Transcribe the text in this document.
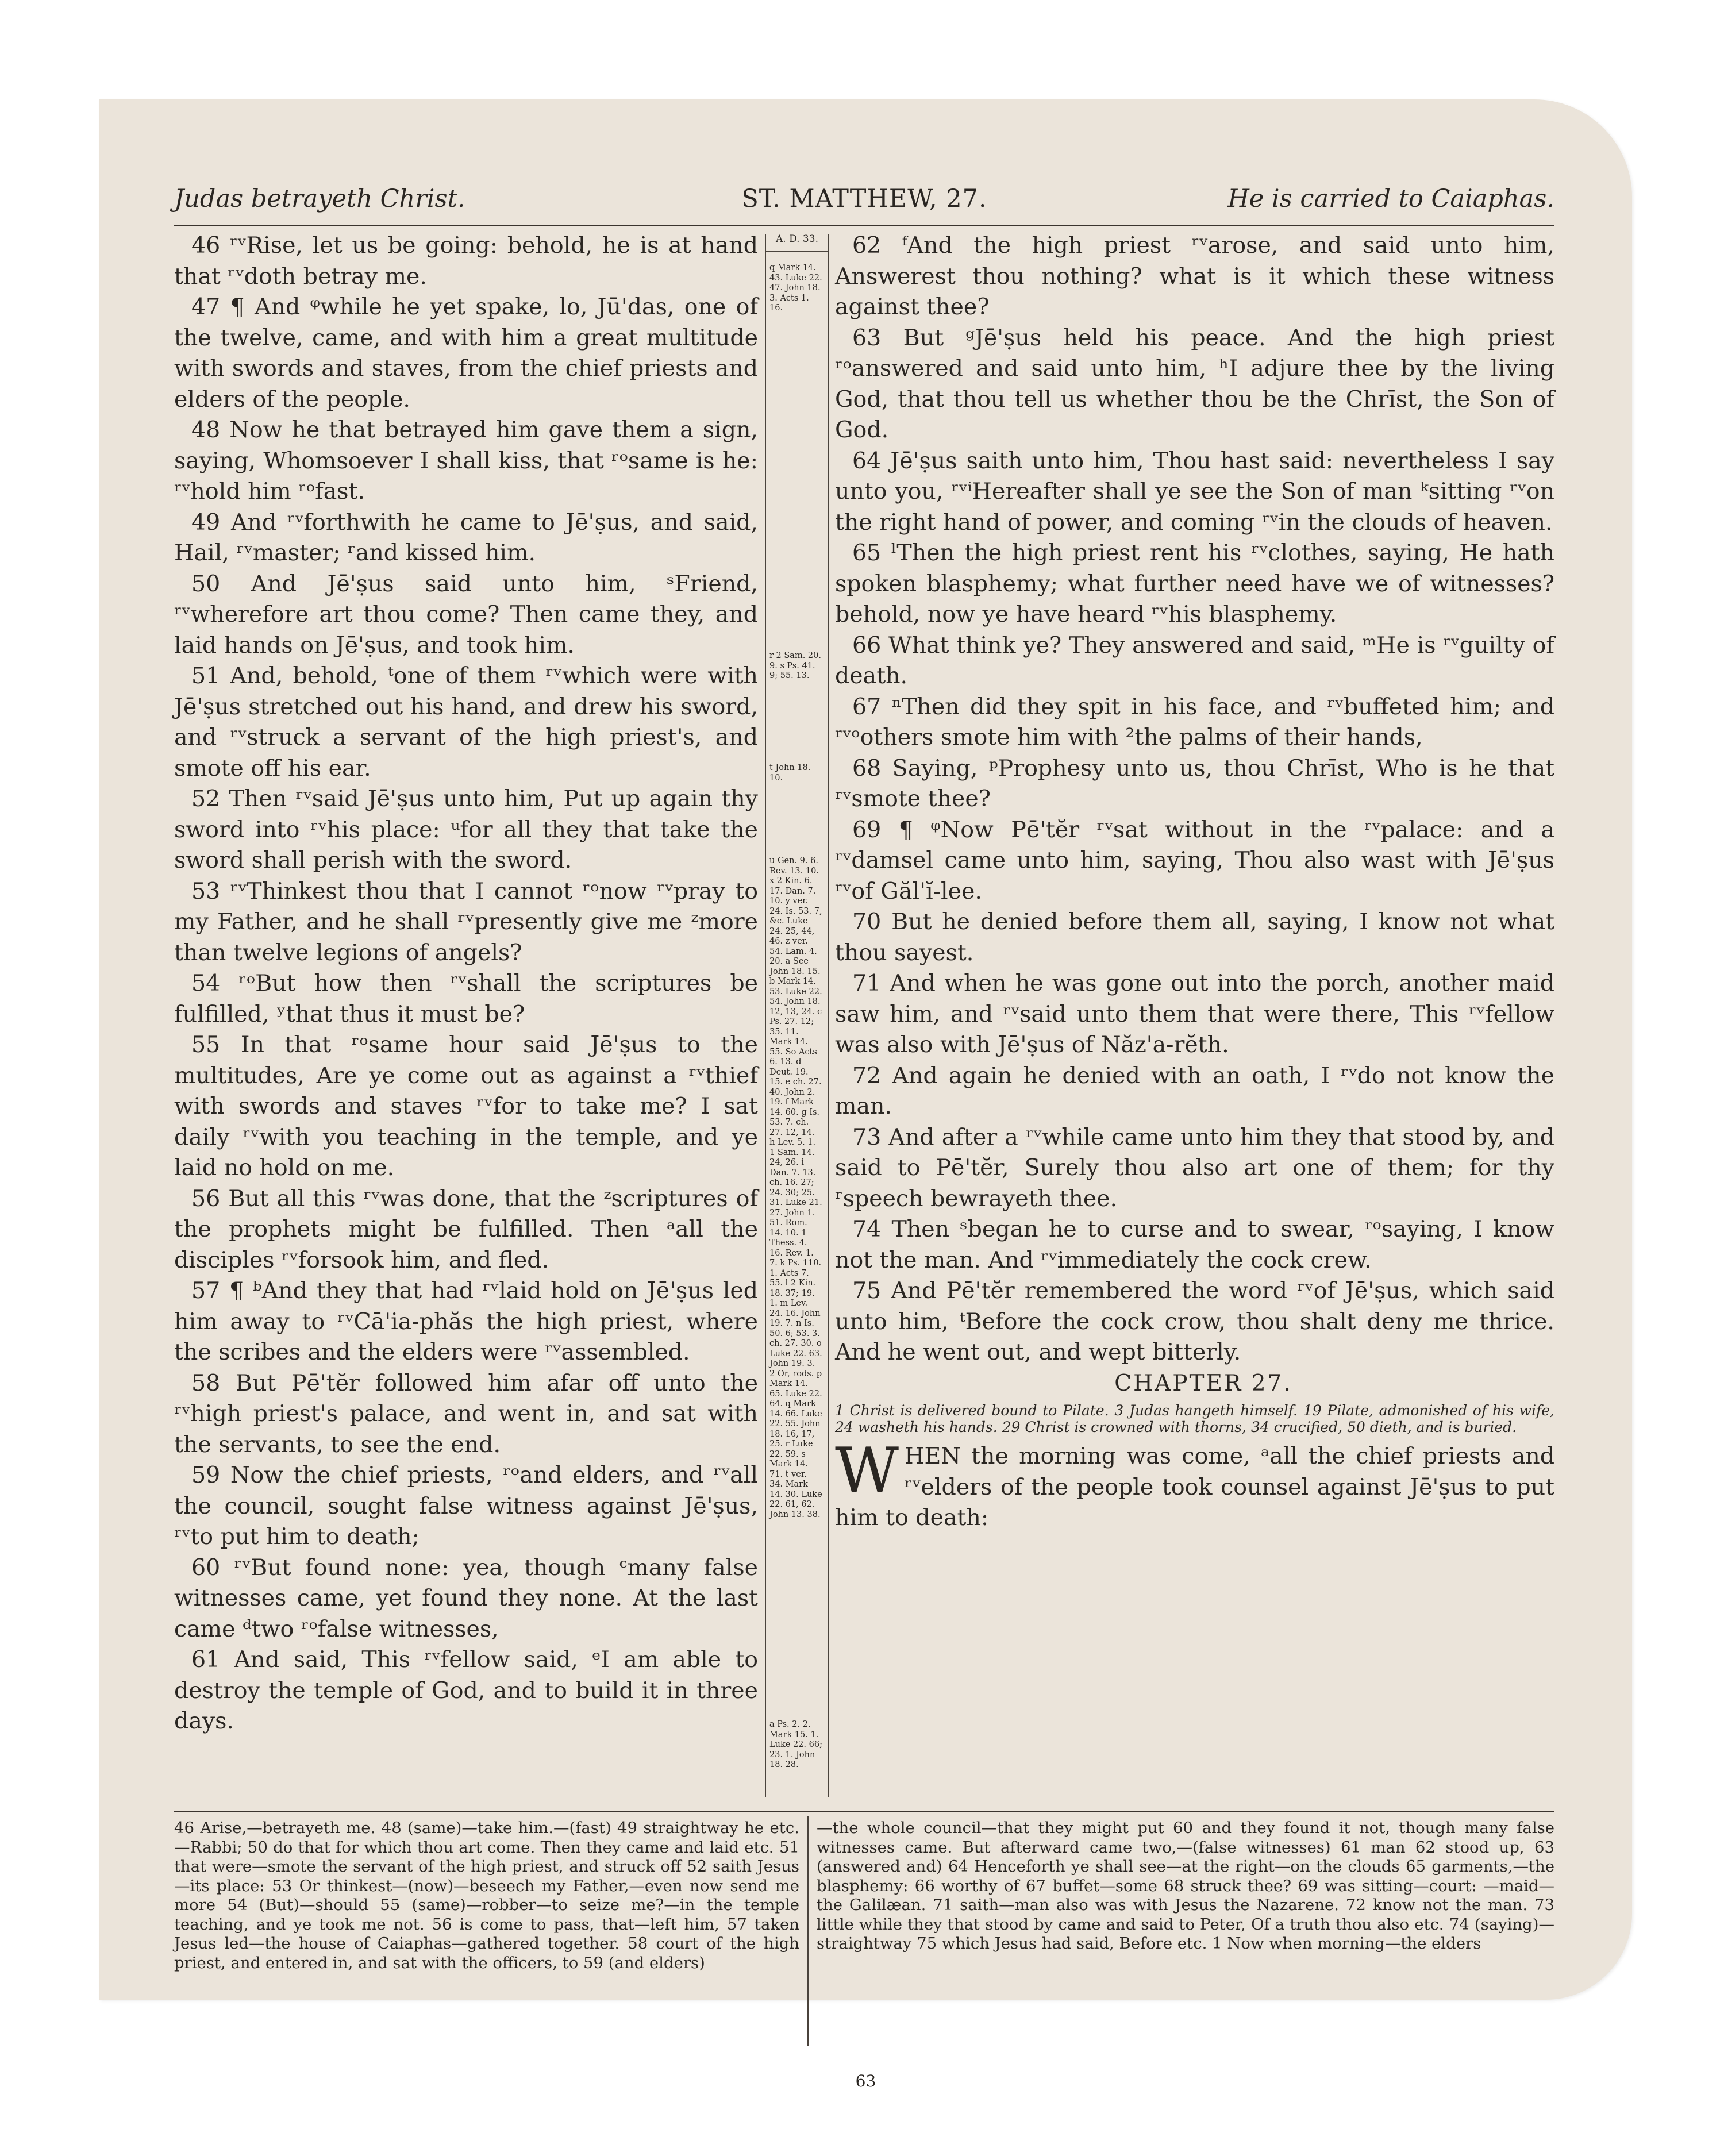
Judas betrayeth Christ.	ST. MATTHEW, 27.	He is carried to Caiaphas.

46 ʳᵛRise, let us be going: behold, he is at hand that ʳᵛdoth betray me.

47 ¶ And ᵠwhile he yet spake, lo, Jū'das, one of the twelve, came, and with him a great multitude with swords and staves, from the chief priests and elders of the people.

48 Now he that betrayed him gave them a sign, saying, Whomsoever I shall kiss, that ʳᵒsame is he: ʳᵛhold him ʳᵒfast.

49 And ʳᵛforthwith he came to Jē'ṣus, and said, Hail, ʳᵛmaster; ʳand kissed him.

50 And Jē'ṣus said unto him, ˢFriend, ʳᵛwherefore art thou come? Then came they, and laid hands on Jē'ṣus, and took him.

51 And, behold, ᵗone of them ʳᵛwhich were with Jē'ṣus stretched out his hand, and drew his sword, and ʳᵛstruck a servant of the high priest's, and smote off his ear.

52 Then ʳᵛsaid Jē'ṣus unto him, Put up again thy sword into ʳᵛhis place: ᵘfor all they that take the sword shall perish with the sword.

53 ʳᵛThinkest thou that I cannot ʳᵒnow ʳᵛpray to my Father, and he shall ʳᵛpresently give me ᶻmore than twelve legions of angels?

54 ʳᵒBut how then ʳᵛshall the scriptures be fulfilled, ʸthat thus it must be?

55 In that ʳᵒsame hour said Jē'ṣus to the multitudes, Are ye come out as against a ʳᵛthief with swords and staves ʳᵛfor to take me? I sat daily ʳᵛwith you teaching in the temple, and ye laid no hold on me.

56 But all this ʳᵛwas done, that the ᶻscriptures of the prophets might be fulfilled. Then ᵃall the disciples ʳᵛforsook him, and fled.

57 ¶ ᵇAnd they that had ʳᵛlaid hold on Jē'ṣus led him away to ʳᵛCā'ia-phăs the high priest, where the scribes and the elders were ʳᵛassembled.

58 But Pē'tĕr followed him afar off unto the ʳᵛhigh priest's palace, and went in, and sat with the servants, to see the end.

59 Now the chief priests, ʳᵒand elders, and ʳᵛall the council, sought false witness against Jē'ṣus, ʳᵛto put him to death;

60 ʳᵛBut found none: yea, though ᶜmany false witnesses came, yet found they none. At the last came ᵈtwo ʳᵒfalse witnesses,

61 And said, This ʳᵛfellow said, ᵉI am able to destroy the temple of God, and to build it in three days.

A. D. 33.
q Mark 14. 43. Luke 22. 47. John 18. 3. Acts 1. 16.
r 2 Sam. 20. 9. s Ps. 41. 9; 55. 13.
t John 18. 10.
u Gen. 9. 6. Rev. 13. 10. x 2 Kin. 6. 17. Dan. 7. 10. y ver. 24. Is. 53. 7, &c. Luke 24. 25, 44, 46. z ver. 54. Lam. 4. 20. a See John 18. 15. b Mark 14. 53. Luke 22. 54. John 18. 12, 13, 24. c Ps. 27. 12; 35. 11. Mark 14. 55. So Acts 6. 13. d Deut. 19. 15. e ch. 27. 40. John 2. 19. f Mark 14. 60. g Is. 53. 7. ch. 27. 12, 14. h Lev. 5. 1. 1 Sam. 14. 24, 26. i Dan. 7. 13. ch. 16. 27; 24. 30; 25. 31. Luke 21. 27. John 1. 51. Rom. 14. 10. 1 Thess. 4. 16. Rev. 1. 7. k Ps. 110. 1. Acts 7. 55. l 2 Kin. 18. 37; 19. 1. m Lev. 24. 16. John 19. 7. n Is. 50. 6; 53. 3. ch. 27. 30. o Luke 22. 63. John 19. 3. 2 Or, rods. p Mark 14. 65. Luke 22. 64. q Mark 14. 66. Luke 22. 55. John 18. 16, 17, 25. r Luke 22. 59. s Mark 14. 71. t ver. 34. Mark 14. 30. Luke 22. 61, 62. John 13. 38.
a Ps. 2. 2. Mark 15. 1. Luke 22. 66; 23. 1. John 18. 28.

62 ᶠAnd the high priest ʳᵛarose, and said unto him, Answerest thou nothing? what is it which these witness against thee?

63 But ᵍJē'ṣus held his peace. And the high priest ʳᵒanswered and said unto him, ʰI adjure thee by the living God, that thou tell us whether thou be the Chrīst, the Son of God.

64 Jē'ṣus saith unto him, Thou hast said: nevertheless I say unto you, ʳᵛⁱHereafter shall ye see the Son of man ᵏsitting ʳᵛon the right hand of power, and coming ʳᵛin the clouds of heaven.

65 ˡThen the high priest rent his ʳᵛclothes, saying, He hath spoken blasphemy; what further need have we of witnesses? behold, now ye have heard ʳᵛhis blasphemy.

66 What think ye? They answered and said, ᵐHe is ʳᵛguilty of death.

67 ⁿThen did they spit in his face, and ʳᵛbuffeted him; and ʳᵛᵒothers smote him with ²the palms of their hands,

68 Saying, ᵖProphesy unto us, thou Chrīst, Who is he that ʳᵛsmote thee?

69 ¶ ᵠNow Pē'tĕr ʳᵛsat without in the ʳᵛpalace: and a ʳᵛdamsel came unto him, saying, Thou also wast with Jē'ṣus ʳᵛof Găl'ĭ-lee.

70 But he denied before them all, saying, I know not what thou sayest.

71 And when he was gone out into the porch, another maid saw him, and ʳᵛsaid unto them that were there, This ʳᵛfellow was also with Jē'ṣus of Năz'a-rĕth.

72 And again he denied with an oath, I ʳᵛdo not know the man.

73 And after a ʳᵛwhile came unto him they that stood by, and said to Pē'tĕr, Surely thou also art one of them; for thy ʳspeech bewrayeth thee.

74 Then ˢbegan he to curse and to swear, ʳᵒsaying, I know not the man. And ʳᵛimmediately the cock crew.

75 And Pē'tĕr remembered the word ʳᵛof Jē'ṣus, which said unto him, ᵗBefore the cock crow, thou shalt deny me thrice. And he went out, and wept bitterly.

CHAPTER 27.

1 Christ is delivered bound to Pilate. 3 Judas hangeth himself. 19 Pilate, admonished of his wife, 24 washeth his hands. 29 Christ is crowned with thorns, 34 crucified, 50 dieth, and is buried.

WHEN the morning was come, ᵃall the chief priests and ʳᵛelders of the people took counsel against Jē'ṣus to put him to death:

46 Arise,—betrayeth me. 48 (same)—take him.—(fast) 49 straightway he etc.—Rabbi; 50 do that for which thou art come. Then they came and laid etc. 51 that were—smote the servant of the high priest, and struck off 52 saith Jesus—its place: 53 Or thinkest—(now)—beseech my Father,—even now send me more 54 (But)—should 55 (same)—robber—to seize me?—in the temple teaching, and ye took me not. 56 is come to pass, that—left him, 57 taken Jesus led—the house of Caiaphas—gathered together. 58 court of the high priest, and entered in, and sat with the officers, to 59 (and elders)
—the whole council—that they might put 60 and they found it not, though many false witnesses came. But afterward came two,—(false witnesses) 61 man 62 stood up, 63 (answered and) 64 Henceforth ye shall see—at the right—on the clouds 65 garments,—the blasphemy: 66 worthy of 67 buffet—some 68 struck thee? 69 was sitting—court: —maid—the Galilæan. 71 saith—man also was with Jesus the Nazarene. 72 know not the man. 73 little while they that stood by came and said to Peter, Of a truth thou also etc. 74 (saying)—straightway 75 which Jesus had said, Before etc. 1 Now when morning—the elders
63
